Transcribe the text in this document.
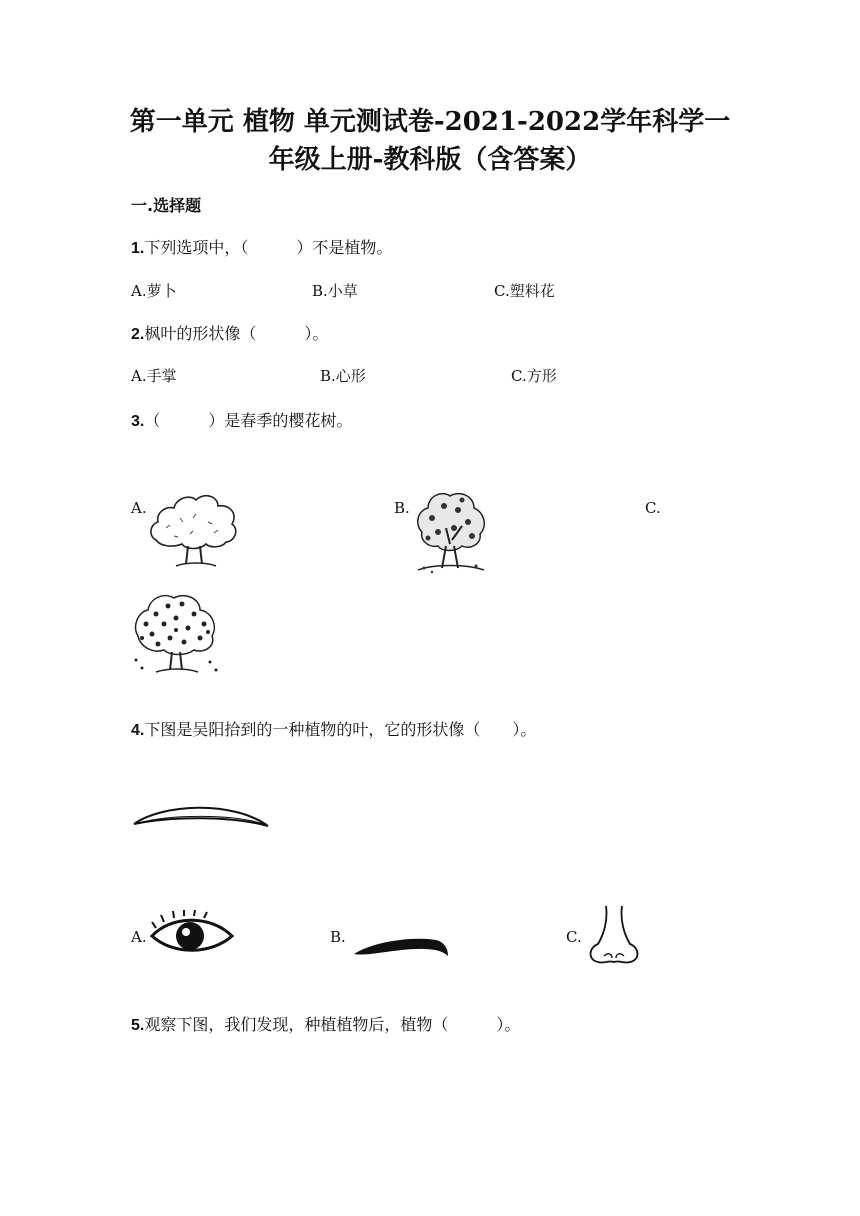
第一单元 植物 单元测试卷-2021-2022学年科学一
年级上册-教科版（含答案）
一.选择题
1.下列选项中，（　　　）不是植物。
A.萝卜	B.小草	C.塑料花
2.枫叶的形状像（　　　）。
A.手掌	B.心形	C.方形
3.（　　　）是春季的樱花树。
A.	B.	C.
4.下图是吴阳拾到的一种植物的叶，它的形状像（　　）。
A.	B.	C.
5.观察下图，我们发现，种植植物后，植物（　　　）。
